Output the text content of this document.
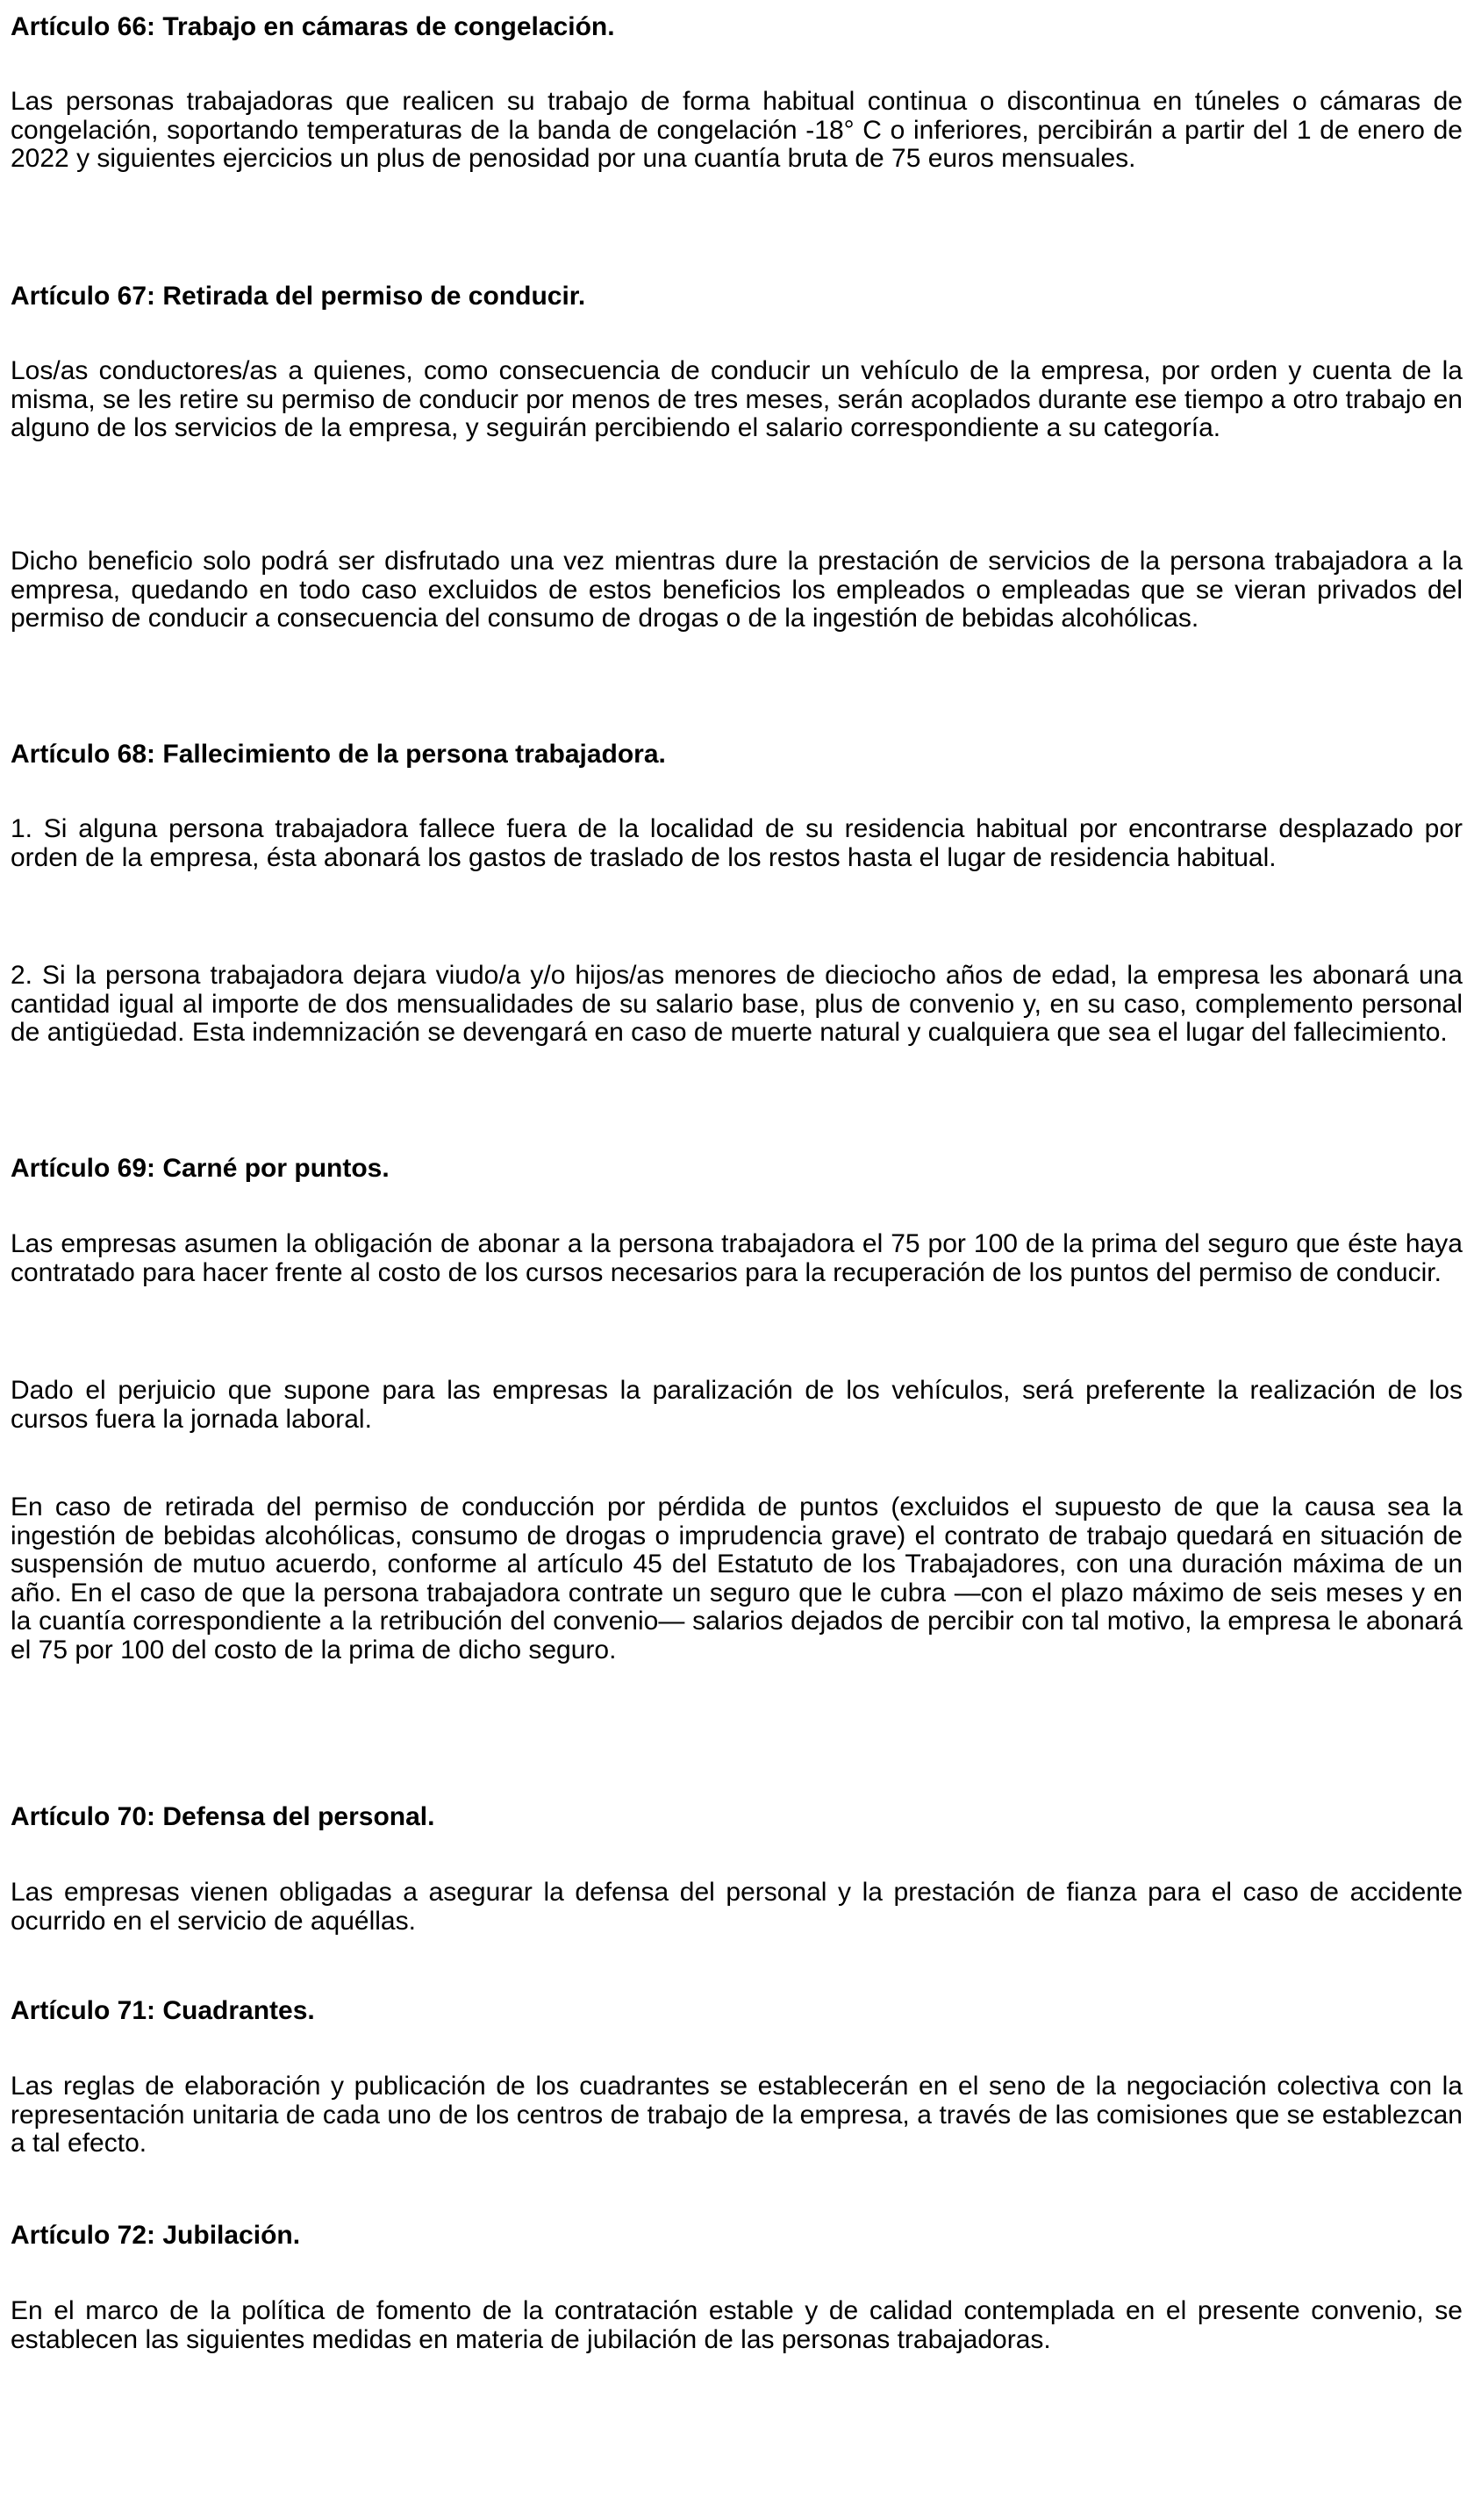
Artículo 66: Trabajo en cámaras de congelación.

Las personas trabajadoras que realicen su trabajo de forma habitual continua o discontinua en túneles o cámaras de congelación, soportando temperaturas de la banda de congelación -18° C o inferiores, percibirán a partir del 1 de enero de 2022 y siguientes ejercicios un plus de penosidad por una cuantía bruta de 75 euros mensuales.

Artículo 67: Retirada del permiso de conducir.

Los/as conductores/as a quienes, como consecuencia de conducir un vehículo de la empresa, por orden y cuenta de la misma, se les retire su permiso de conducir por menos de tres meses, serán acoplados durante ese tiempo a otro trabajo en alguno de los servicios de la empresa, y seguirán percibiendo el salario correspondiente a su categoría.

Dicho beneficio solo podrá ser disfrutado una vez mientras dure la prestación de servicios de la persona trabajadora a la empresa, quedando en todo caso excluidos de estos beneficios los empleados o empleadas que se vieran privados del permiso de conducir a consecuencia del consumo de drogas o de la ingestión de bebidas alcohólicas.

Artículo 68: Fallecimiento de la persona trabajadora.

1. Si alguna persona trabajadora fallece fuera de la localidad de su residencia habitual por encontrarse desplazado por orden de la empresa, ésta abonará los gastos de traslado de los restos hasta el lugar de residencia habitual.

2. Si la persona trabajadora dejara viudo/a y/o hijos/as menores de dieciocho años de edad, la empresa les abonará una cantidad igual al importe de dos mensualidades de su salario base, plus de convenio y, en su caso, complemento personal de antigüedad. Esta indemnización se devengará en caso de muerte natural y cualquiera que sea el lugar del fallecimiento.

Artículo 69: Carné por puntos.

Las empresas asumen la obligación de abonar a la persona trabajadora el 75 por 100 de la prima del seguro que éste haya contratado para hacer frente al costo de los cursos necesarios para la recuperación de los puntos del permiso de conducir.

Dado el perjuicio que supone para las empresas la paralización de los vehículos, será preferente la realización de los cursos fuera la jornada laboral.

En caso de retirada del permiso de conducción por pérdida de puntos (excluidos el supuesto de que la causa sea la ingestión de bebidas alcohólicas, consumo de drogas o imprudencia grave) el contrato de trabajo quedará en situación de suspensión de mutuo acuerdo, conforme al artículo 45 del Estatuto de los Trabajadores, con una duración máxima de un año. En el caso de que la persona trabajadora contrate un seguro que le cubra —con el plazo máximo de seis meses y en la cuantía correspondiente a la retribución del convenio— salarios dejados de percibir con tal motivo, la empresa le abonará el 75 por 100 del costo de la prima de dicho seguro.

Artículo 70: Defensa del personal.

Las empresas vienen obligadas a asegurar la defensa del personal y la prestación de fianza para el caso de accidente ocurrido en el servicio de aquéllas.

Artículo 71: Cuadrantes.

Las reglas de elaboración y publicación de los cuadrantes se establecerán en el seno de la negociación colectiva con la representación unitaria de cada uno de los centros de trabajo de la empresa, a través de las comisiones que se establezcan a tal efecto.

Artículo 72: Jubilación.

En el marco de la política de fomento de la contratación estable y de calidad contemplada en el presente convenio, se establecen las siguientes medidas en materia de jubilación de las personas trabajadoras.
